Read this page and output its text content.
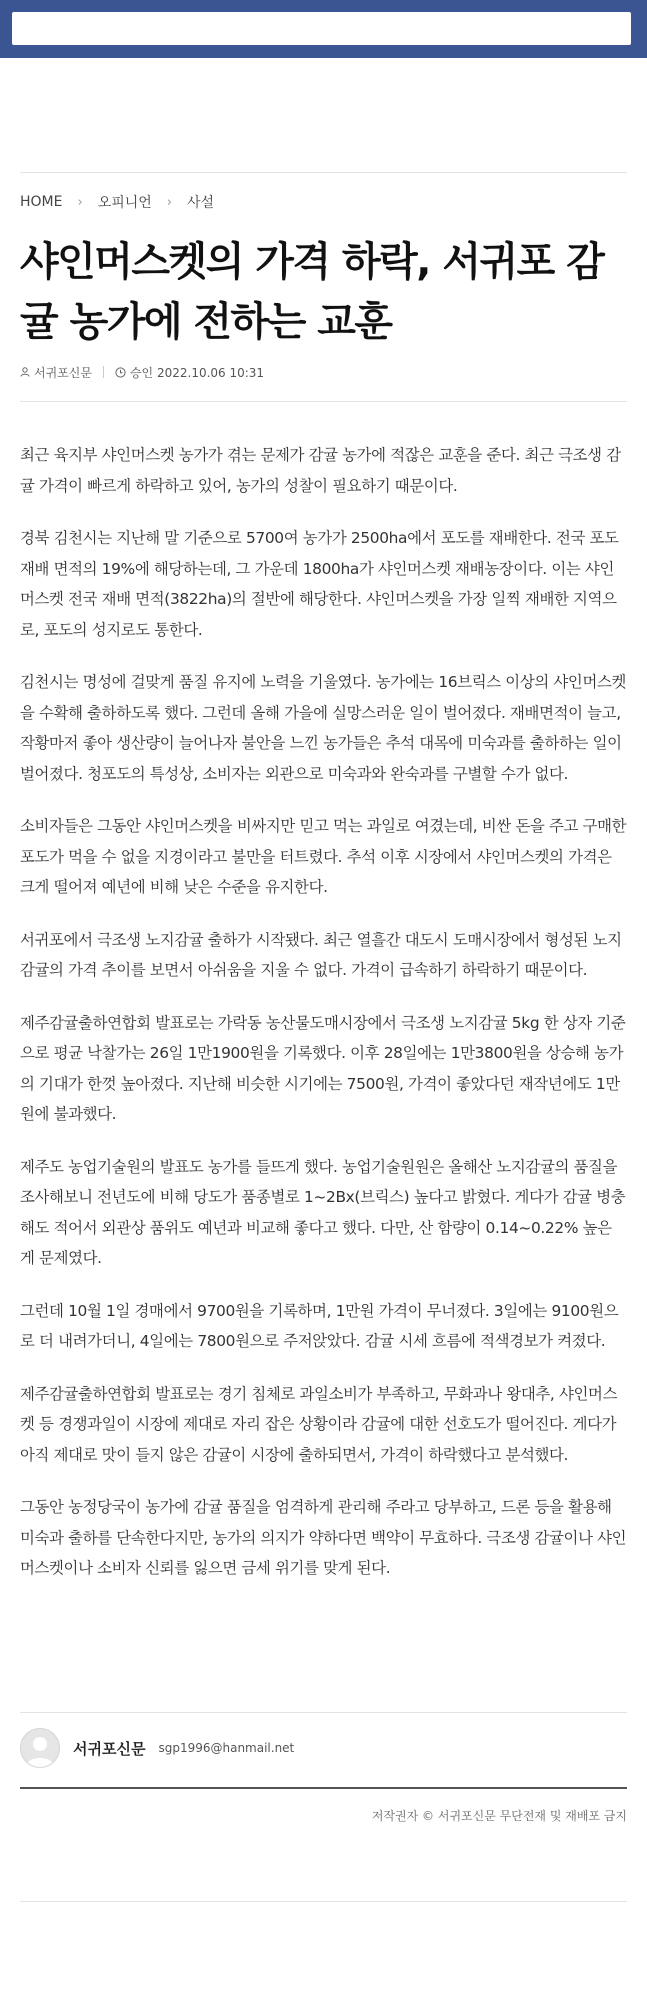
HOME › 오피니언 › 사설
샤인머스켓의 가격 하락, 서귀포 감귤 농가에 전하는 교훈
서귀포신문	승인 2022.10.06 10:31

최근 육지부 샤인머스켓 농가가 겪는 문제가 감귤 농가에 적잖은 교훈을 준다. 최근 극조생 감귤 가격이 빠르게 하락하고 있어, 농가의 성찰이 필요하기 때문이다.

경북 김천시는 지난해 말 기준으로 5700여 농가가 2500ha에서 포도를 재배한다. 전국 포도재배 면적의 19%에 해당하는데, 그 가운데 1800ha가 샤인머스켓 재배농장이다. 이는 샤인머스켓 전국 재배 면적(3822ha)의 절반에 해당한다. 샤인머스켓을 가장 일찍 재배한 지역으로, 포도의 성지로도 통한다.

김천시는 명성에 걸맞게 품질 유지에 노력을 기울였다. 농가에는 16브릭스 이상의 샤인머스켓을 수확해 출하하도록 했다. 그런데 올해 가을에 실망스러운 일이 벌어졌다. 재배면적이 늘고, 작황마저 좋아 생산량이 늘어나자 불안을 느낀 농가들은 추석 대목에 미숙과를 출하하는 일이 벌어졌다. 청포도의 특성상, 소비자는 외관으로 미숙과와 완숙과를 구별할 수가 없다.

소비자들은 그동안 샤인머스켓을 비싸지만 믿고 먹는 과일로 여겼는데, 비싼 돈을 주고 구매한 포도가 먹을 수 없을 지경이라고 불만을 터트렸다. 추석 이후 시장에서 샤인머스켓의 가격은 크게 떨어져 예년에 비해 낮은 수준을 유지한다.

서귀포에서 극조생 노지감귤 출하가 시작됐다. 최근 열흘간 대도시 도매시장에서 형성된 노지감귤의 가격 추이를 보면서 아쉬움을 지울 수 없다. 가격이 급속하기 하락하기 때문이다.

제주감귤출하연합회 발표로는 가락동 농산물도매시장에서 극조생 노지감귤 5kg 한 상자 기준으로 평균 낙찰가는 26일 1만1900원을 기록했다. 이후 28일에는 1만3800원을 상승해 농가의 기대가 한껏 높아졌다. 지난해 비슷한 시기에는 7500원, 가격이 좋았다던 재작년에도 1만 원에 불과했다.

제주도 농업기술원의 발표도 농가를 들뜨게 했다. 농업기술원원은 올해산 노지감귤의 품질을 조사해보니 전년도에 비해 당도가 품종별로 1~2Bx(브릭스) 높다고 밝혔다. 게다가 감귤 병충해도 적어서 외관상 품위도 예년과 비교해 좋다고 했다. 다만, 산 함량이 0.14~0.22% 높은 게 문제였다.

그런데 10월 1일 경매에서 9700원을 기록하며, 1만원 가격이 무너졌다. 3일에는 9100원으로 더 내려가더니, 4일에는 7800원으로 주저앉았다. 감귤 시세 흐름에 적색경보가 켜졌다.

제주감귤출하연합회 발표로는 경기 침체로 과일소비가 부족하고, 무화과나 왕대추, 샤인머스켓 등 경쟁과일이 시장에 제대로 자리 잡은 상황이라 감귤에 대한 선호도가 떨어진다. 게다가 아직 제대로 맛이 들지 않은 감귤이 시장에 출하되면서, 가격이 하락했다고 분석했다.

그동안 농정당국이 농가에 감귤 품질을 엄격하게 관리해 주라고 당부하고, 드론 등을 활용해 미숙과 출하를 단속한다지만, 농가의 의지가 약하다면 백약이 무효하다. 극조생 감귤이나 샤인머스켓이나 소비자 신뢰를 잃으면 금세 위기를 맞게 된다.

서귀포신문 sgp1996@hanmail.net
저작권자 © 서귀포신문 무단전재 및 재배포 금지
